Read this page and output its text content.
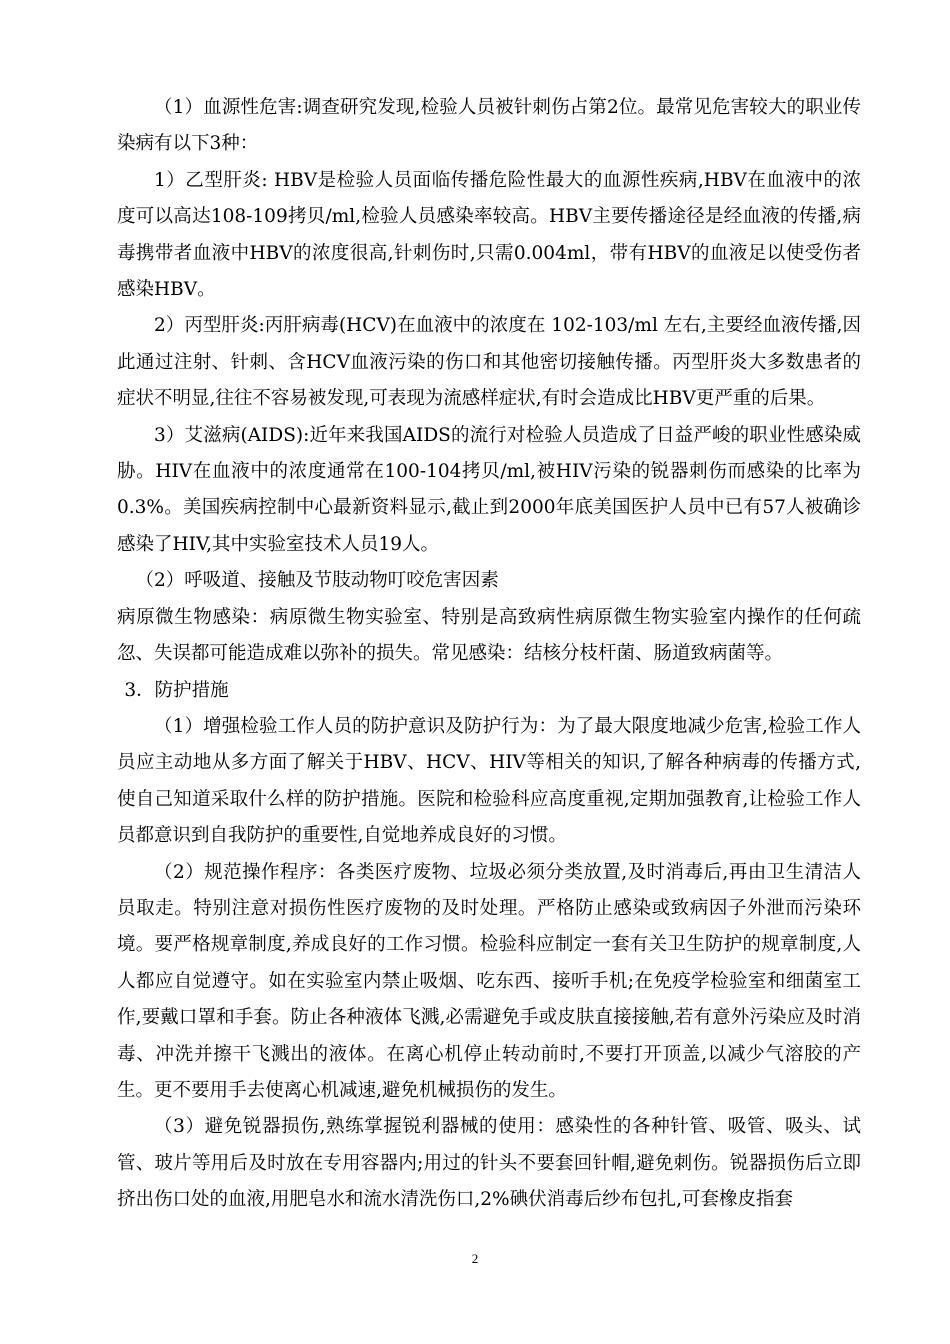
（1）血源性危害:调查研究发现,检验人员被针刺伤占第2位。最常见危害较大的职业传染病有以下3种：

1）乙型肝炎: HBV是检验人员面临传播危险性最大的血源性疾病,HBV在血液中的浓度可以高达108-109拷贝/ml,检验人员感染率较高。HBV主要传播途径是经血液的传播,病毒携带者血液中HBV的浓度很高,针刺伤时,只需0.004ml，带有HBV的血液足以使受伤者感染HBV。

2）丙型肝炎:丙肝病毒(HCV)在血液中的浓度在 102-103/ml 左右,主要经血液传播,因此通过注射、针刺、含HCV血液污染的伤口和其他密切接触传播。丙型肝炎大多数患者的症状不明显,往往不容易被发现,可表现为流感样症状,有时会造成比HBV更严重的后果。

3）艾滋病(AIDS):近年来我国AIDS的流行对检验人员造成了日益严峻的职业性感染威胁。HIV在血液中的浓度通常在100-104拷贝/ml,被HIV污染的锐器刺伤而感染的比率为0.3%。美国疾病控制中心最新资料显示,截止到2000年底美国医护人员中已有57人被确诊感染了HIV,其中实验室技术人员19人。

（2）呼吸道、接触及节肢动物叮咬危害因素

病原微生物感染：病原微生物实验室、特别是高致病性病原微生物实验室内操作的任何疏忽、失误都可能造成难以弥补的损失。常见感染：结核分枝杆菌、肠道致病菌等。

3．防护措施

（1）增强检验工作人员的防护意识及防护行为：为了最大限度地减少危害,检验工作人员应主动地从多方面了解关于HBV、HCV、HIV等相关的知识,了解各种病毒的传播方式,使自己知道采取什么样的防护措施。医院和检验科应高度重视,定期加强教育,让检验工作人员都意识到自我防护的重要性,自觉地养成良好的习惯。

（2）规范操作程序：各类医疗废物、垃圾必须分类放置,及时消毒后,再由卫生清洁人员取走。特别注意对损伤性医疗废物的及时处理。严格防止感染或致病因子外泄而污染环境。要严格规章制度,养成良好的工作习惯。检验科应制定一套有关卫生防护的规章制度,人人都应自觉遵守。如在实验室内禁止吸烟、吃东西、接听手机;在免疫学检验室和细菌室工作,要戴口罩和手套。防止各种液体飞溅,必需避免手或皮肤直接接触,若有意外污染应及时消毒、冲洗并擦干飞溅出的液体。在离心机停止转动前时,不要打开顶盖,以减少气溶胶的产生。更不要用手去使离心机减速,避免机械损伤的发生。

（3）避免锐器损伤,熟练掌握锐利器械的使用：感染性的各种针管、吸管、吸头、试管、玻片等用后及时放在专用容器内;用过的针头不要套回针帽,避免刺伤。锐器损伤后立即挤出伤口处的血液,用肥皂水和流水清洗伤口,2%碘伏消毒后纱布包扎,可套橡皮指套

2
